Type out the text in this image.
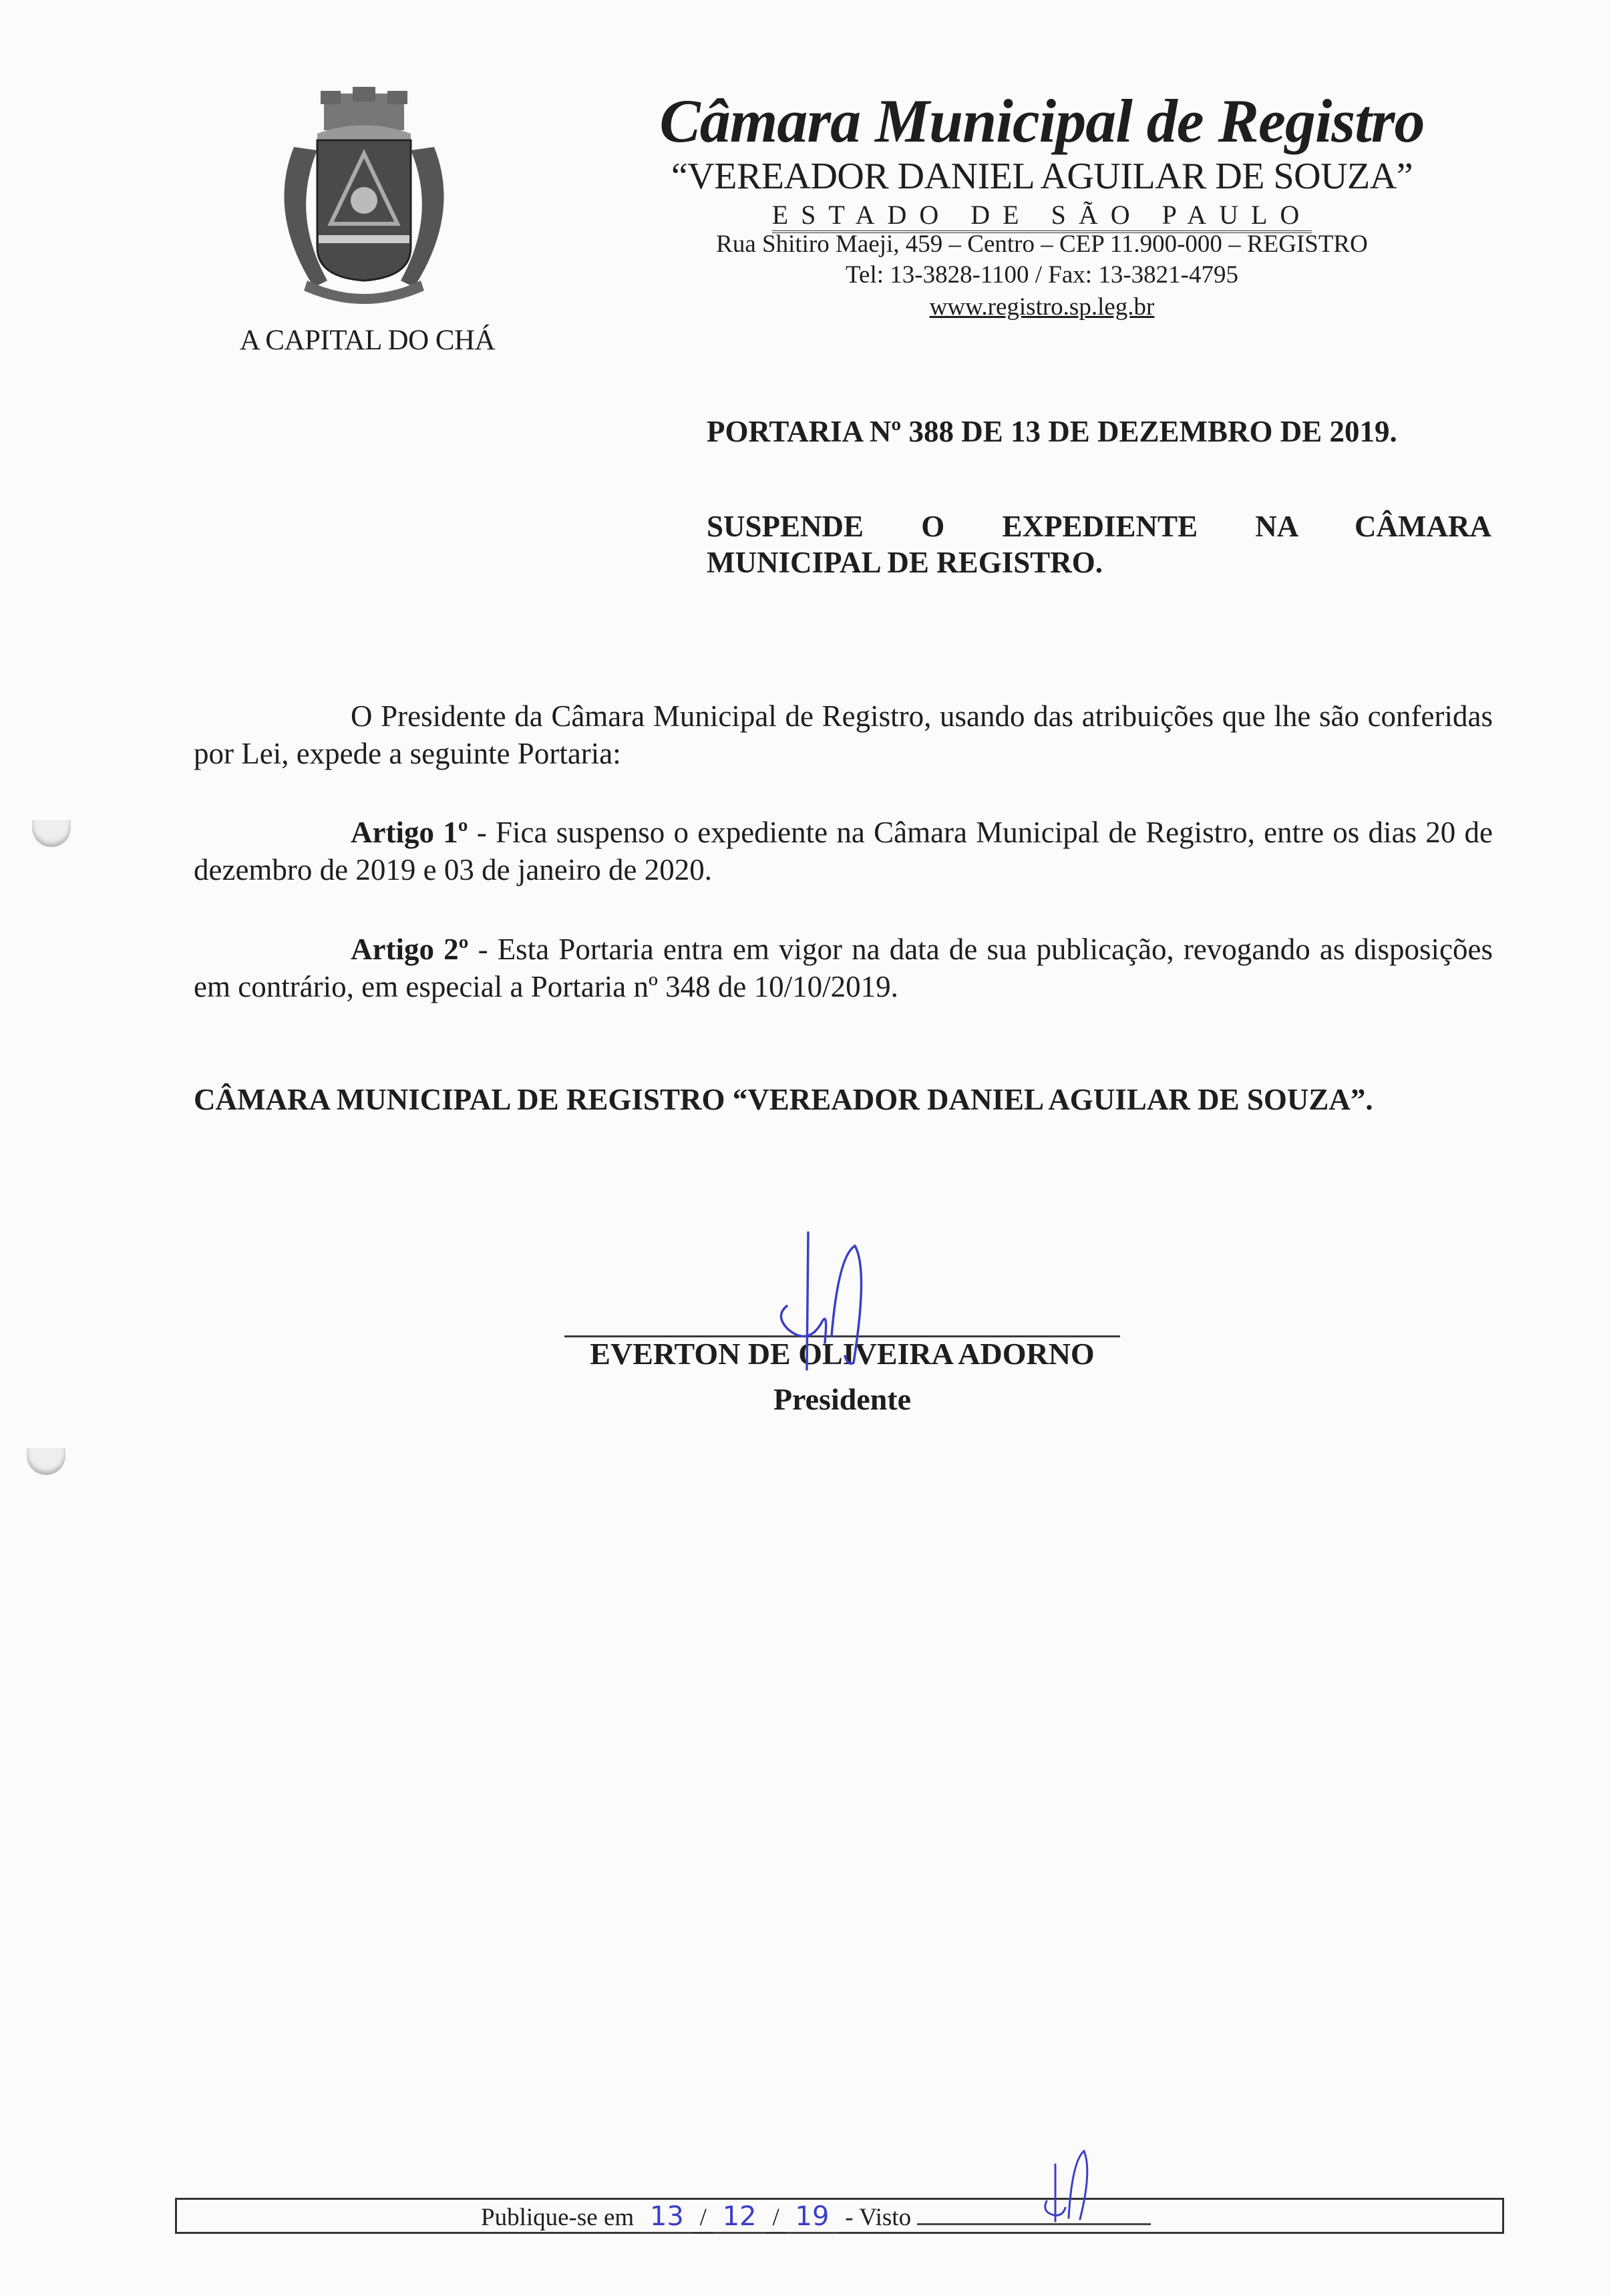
A CAPITAL DO CHÁ
Câmara Municipal de Registro
“VEREADOR DANIEL AGUILAR DE SOUZA”
ESTADO DE SÃO PAULO
Rua Shitiro Maeji, 459 – Centro – CEP 11.900-000 – REGISTRO
Tel: 13-3828-1100 / Fax: 13-3821-4795
www.registro.sp.leg.br
PORTARIA Nº 388 DE 13 DE DEZEMBRO DE 2019.
SUSPENDE O EXPEDIENTE NA CÂMARA
MUNICIPAL DE REGISTRO.
O Presidente da Câmara Municipal de Registro, usando das atribuições que lhe são conferidas por Lei, expede a seguinte Portaria:
Artigo 1º - Fica suspenso o expediente na Câmara Municipal de Registro, entre os dias 20 de dezembro de 2019 e 03 de janeiro de 2020.
Artigo 2º - Esta Portaria entra em vigor na data de sua publicação, revogando as disposições em contrário, em especial a Portaria nº 348 de 10/10/2019.
CÂMARA MUNICIPAL DE REGISTRO “VEREADOR DANIEL AGUILAR DE SOUZA”.
EVERTON DE OLIVEIRA ADORNO
Presidente
Publique-se em 13 / 12 / 19 - Visto
